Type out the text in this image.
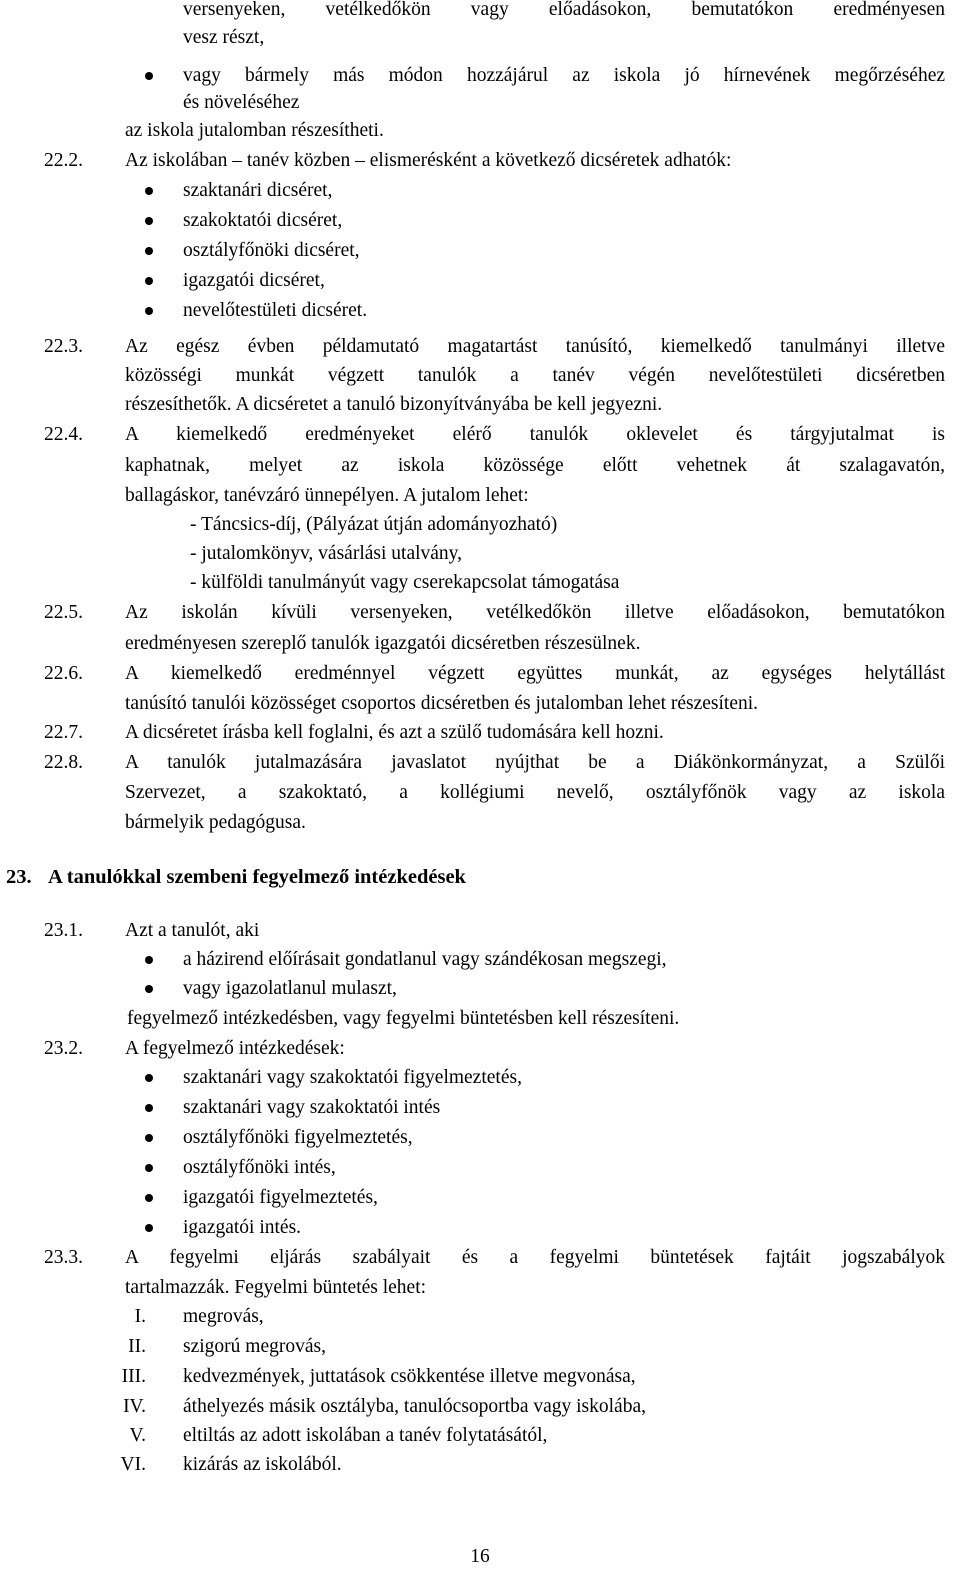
versenyeken, vetélkedőkön vagy előadásokon, bemutatókon eredményesen
vesz részt,
vagy bármely más módon hozzájárul az iskola jó hírnevének megőrzéséhez
és növeléséhez
az iskola jutalomban részesítheti.
22.2. Az iskolában – tanév közben – elismerésként a következő dicséretek adhatók:
szaktanári dicséret,
szakoktatói dicséret,
osztályfőnöki dicséret,
igazgatói dicséret,
nevelőtestületi dicséret.
22.3. Az egész évben példamutató magatartást tanúsító, kiemelkedő tanulmányi illetve
közösségi munkát végzett tanulók a tanév végén nevelőtestületi dicséretben
részesíthetők. A dicséretet a tanuló bizonyítványába be kell jegyezni.
22.4. A kiemelkedő eredményeket elérő tanulók oklevelet és tárgyjutalmat is
kaphatnak, melyet az iskola közössége előtt vehetnek át szalagavatón,
ballagáskor, tanévzáró ünnepélyen. A jutalom lehet:
- Táncsics-díj, (Pályázat útján adományozható)
- jutalomkönyv, vásárlási utalvány,
- külföldi tanulmányút vagy cserekapcsolat támogatása
22.5. Az iskolán kívüli versenyeken, vetélkedőkön illetve előadásokon, bemutatókon
eredményesen szereplő tanulók igazgatói dicséretben részesülnek.
22.6. A kiemelkedő eredménnyel végzett együttes munkát, az egységes helytállást
tanúsító tanulói közösséget csoportos dicséretben és jutalomban lehet részesíteni.
22.7. A dicséretet írásba kell foglalni, és azt a szülő tudomására kell hozni.
22.8. A tanulók jutalmazására javaslatot nyújthat be a Diákönkormányzat, a Szülői
Szervezet, a szakoktató, a kollégiumi nevelő, osztályfőnök vagy az iskola
bármelyik pedagógusa.
23. A tanulókkal szembeni fegyelmező intézkedések
23.1. Azt a tanulót, aki
a házirend előírásait gondatlanul vagy szándékosan megszegi,
vagy igazolatlanul mulaszt,
fegyelmező intézkedésben, vagy fegyelmi büntetésben kell részesíteni.
23.2. A fegyelmező intézkedések:
szaktanári vagy szakoktatói figyelmeztetés,
szaktanári vagy szakoktatói intés
osztályfőnöki figyelmeztetés,
osztályfőnöki intés,
igazgatói figyelmeztetés,
igazgatói intés.
23.3. A fegyelmi eljárás szabályait és a fegyelmi büntetések fajtáit jogszabályok
tartalmazzák. Fegyelmi büntetés lehet:
I. megrovás,
II. szigorú megrovás,
III. kedvezmények, juttatások csökkentése illetve megvonása,
IV. áthelyezés másik osztályba, tanulócsoportba vagy iskolába,
V. eltiltás az adott iskolában a tanév folytatásától,
VI. kizárás az iskolából.
16
